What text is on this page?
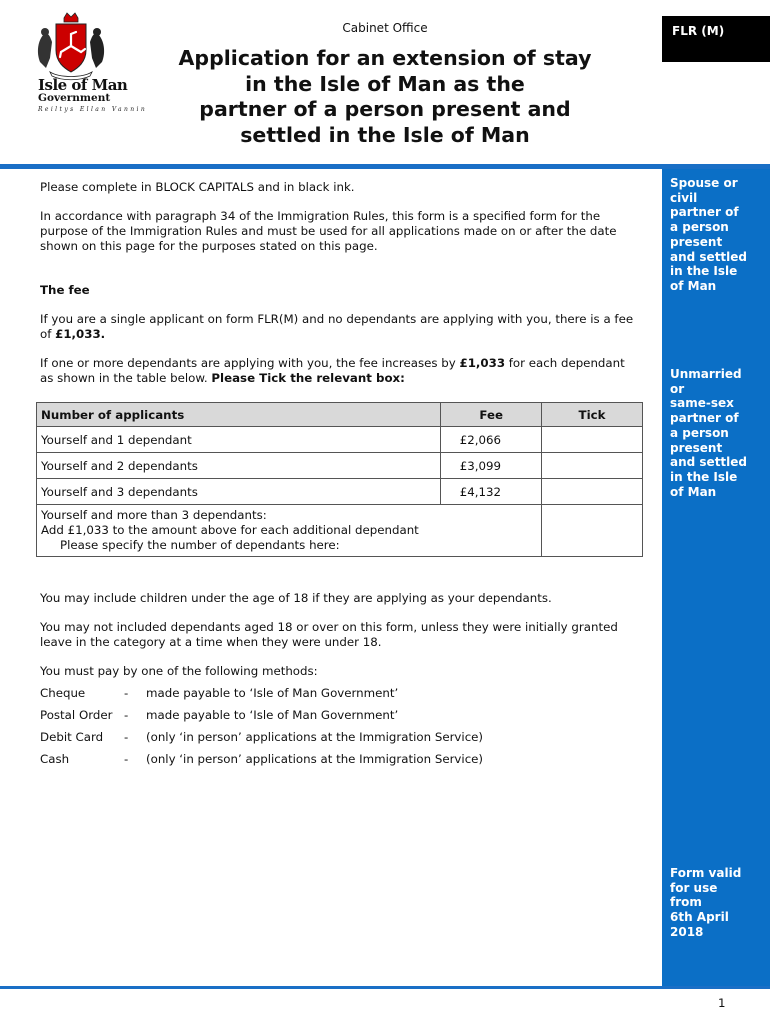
Isle of Man
Government
Reiltys Ellan Vannin
Cabinet Office
Application for an extension of stay
in the Isle of Man as the
partner of a person present and
settled in the Isle of Man
FLR (M)
Spouse or
civil
partner of
a person
present
and settled
in the Isle
of Man
Unmarried
or
same-sex
partner of
a person
present
and settled
in the Isle
of Man
Form valid
for use
from
6th April
2018
Please complete in BLOCK CAPITALS and in black ink.
In accordance with paragraph 34 of the Immigration Rules, this form is a specified form for the purpose of the Immigration Rules and must be used for all applications made on or after the date shown on this page for the purposes stated on this page.
The fee
If you are a single applicant on form FLR(M) and no dependants are applying with you, there is a fee of £1,033.
If one or more dependants are applying with you, the fee increases by £1,033 for each dependant as shown in the table below. Please Tick the relevant box:
Number of applicants	Fee	Tick
Yourself and 1 dependant	£2,066	
Yourself and 2 dependants	£3,099	
Yourself and 3 dependants	£4,132	

Yourself and more than 3 dependants:
Add £1,033 to the amount above for each additional dependant
Please specify the number of dependants here:		

You may include children under the age of 18 if they are applying as your dependants.
You may not included dependants aged 18 or over on this form, unless they were initially granted leave in the category at a time when they were under 18.
You must pay by one of the following methods:
Cheque	- made payable to ‘Isle of Man Government’
Postal Order - made payable to ‘Isle of Man Government’
Debit Card - (only ‘in person’ applications at the Immigration Service)
Cash	- (only ‘in person’ applications at the Immigration Service)
1
